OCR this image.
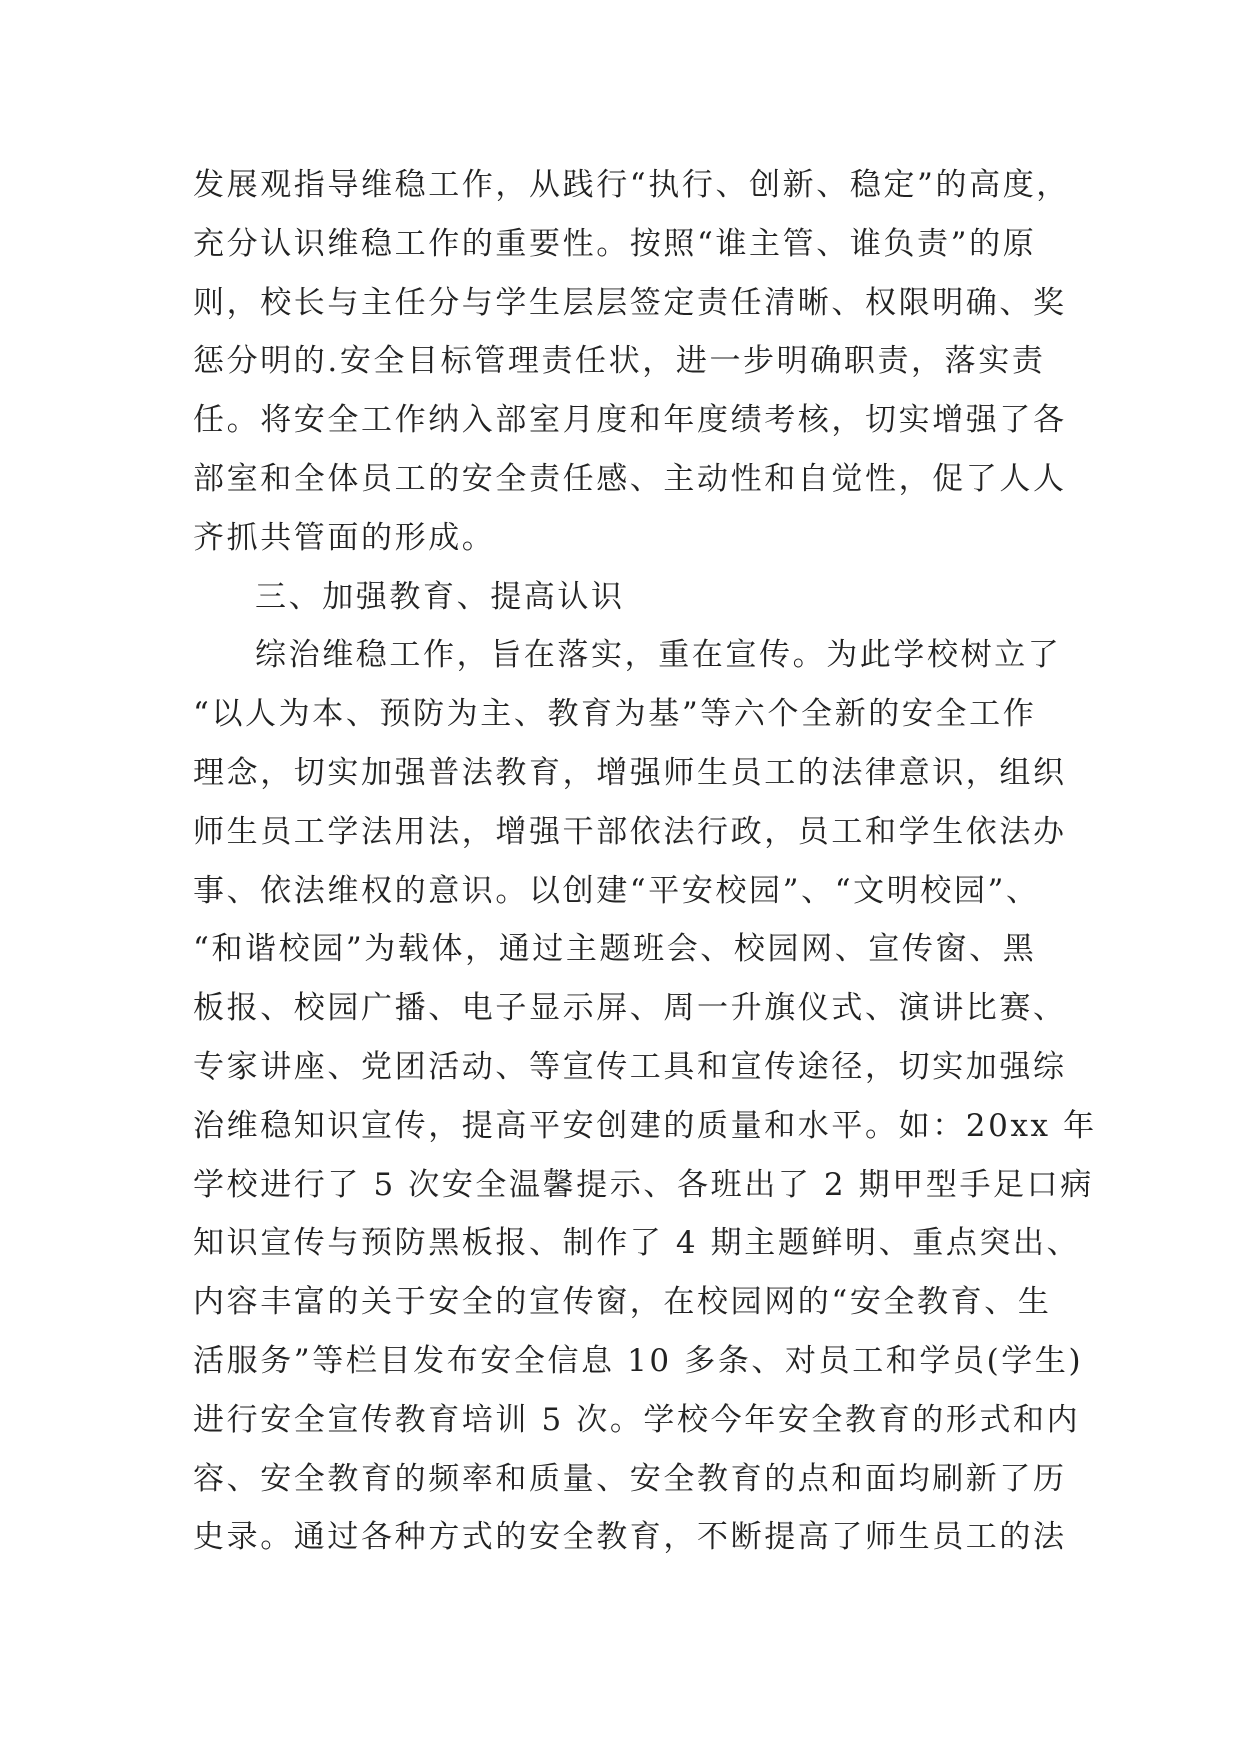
发展观指导维稳工作，从践行“执行、创新、稳定”的高度，
充分认识维稳工作的重要性。按照“谁主管、谁负责”的原
则，校长与主任分与学生层层签定责任清晰、权限明确、奖
惩分明的.安全目标管理责任状，进一步明确职责，落实责
任。将安全工作纳入部室月度和年度绩考核，切实增强了各
部室和全体员工的安全责任感、主动性和自觉性，促了人人
齐抓共管面的形成。
三、加强教育、提高认识
综治维稳工作，旨在落实，重在宣传。为此学校树立了
“以人为本、预防为主、教育为基”等六个全新的安全工作
理念，切实加强普法教育，增强师生员工的法律意识，组织
师生员工学法用法，增强干部依法行政，员工和学生依法办
事、依法维权的意识。以创建“平安校园”、“文明校园”、
“和谐校园”为载体，通过主题班会、校园网、宣传窗、黑
板报、校园广播、电子显示屏、周一升旗仪式、演讲比赛、
专家讲座、党团活动、等宣传工具和宣传途径，切实加强综
治维稳知识宣传，提高平安创建的质量和水平。如：20xx 年
学校进行了 5 次安全温馨提示、各班出了 2 期甲型手足口病
知识宣传与预防黑板报、制作了 4 期主题鲜明、重点突出、
内容丰富的关于安全的宣传窗，在校园网的“安全教育、生
活服务”等栏目发布安全信息 10 多条、对员工和学员(学生)
进行安全宣传教育培训 5 次。学校今年安全教育的形式和内
容、安全教育的频率和质量、安全教育的点和面均刷新了历
史录。通过各种方式的安全教育，不断提高了师生员工的法
